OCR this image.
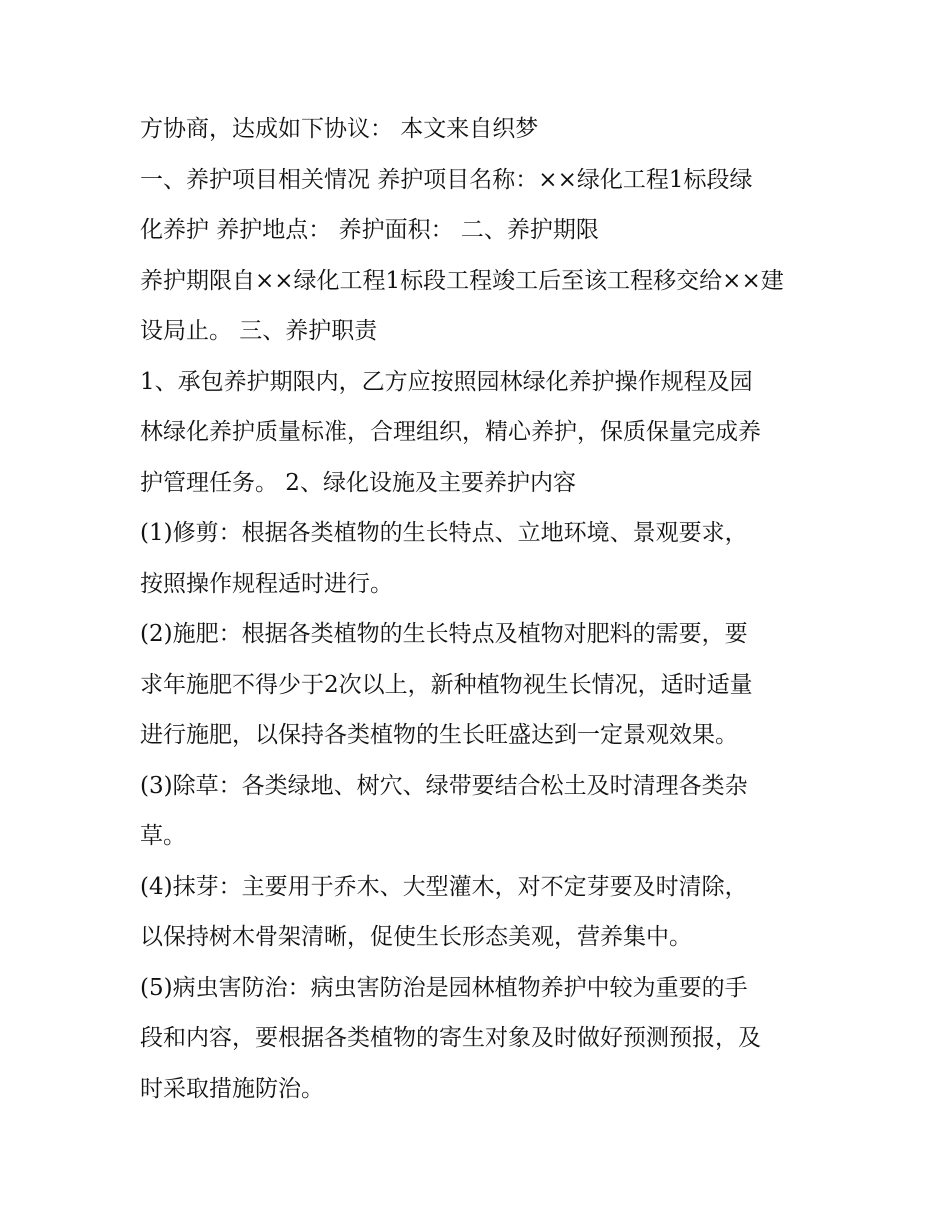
方协商，达成如下协议： 本文来自织梦
一、养护项目相关情况 养护项目名称：××绿化工程1标段绿
化养护 养护地点： 养护面积： 二、养护期限
养护期限自××绿化工程1标段工程竣工后至该工程移交给××建
设局止。 三、养护职责
1、承包养护期限内，乙方应按照园林绿化养护操作规程及园
林绿化养护质量标准，合理组织，精心养护，保质保量完成养
护管理任务。 2、绿化设施及主要养护内容
(1)修剪：根据各类植物的生长特点、立地环境、景观要求，
按照操作规程适时进行。
(2)施肥：根据各类植物的生长特点及植物对肥料的需要，要
求年施肥不得少于2次以上，新种植物视生长情况，适时适量
进行施肥，以保持各类植物的生长旺盛达到一定景观效果。
(3)除草：各类绿地、树穴、绿带要结合松土及时清理各类杂
草。
(4)抹芽：主要用于乔木、大型灌木，对不定芽要及时清除，
以保持树木骨架清晰，促使生长形态美观，营养集中。
(5)病虫害防治：病虫害防治是园林植物养护中较为重要的手
段和内容，要根据各类植物的寄生对象及时做好预测预报，及
时采取措施防治。
